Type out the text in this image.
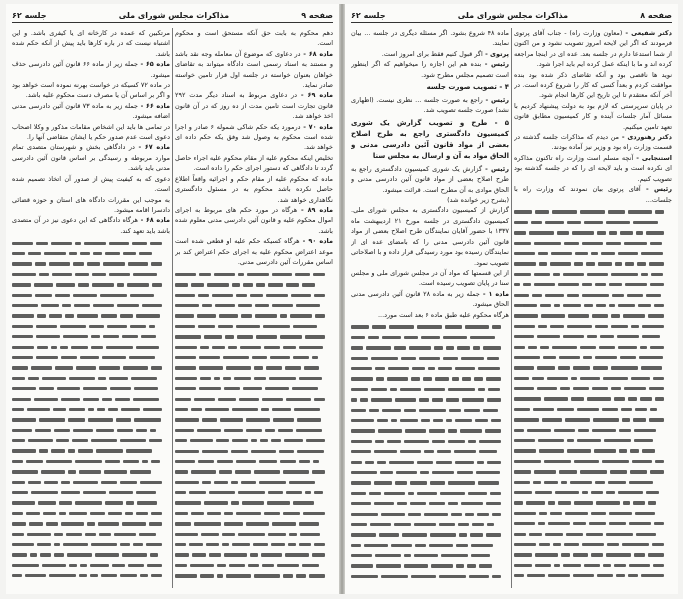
صفحه ۹
مذاکرات مجلس شورای ملی
جلسه ۶۲

دهم محکوم به بابت حق آنکه مستحق است و محکوم است.

ماده ۶۸ - در دعاوی که موضوع آن معامله وجه نقد باشد و مستند به اسناد رسمی است دادگاه میتواند به تقاضای خواهان بعنوان خواسته در جلسه اول قرار تامین خواسته صادر نماید.

ماده ۶۹ - در دعاوی مربوط به اسناد دیگر مدت ۲۹۲ قانون تجارت است تامین مدت از ده روز که در آن قانون اخذ خواهد شد.

ماده ۷۰ - درمورد یکه حکم شاکی شموله ۶ صادر و اجرا شده است محکوم به وصول شد وفق یکه حکم داده ای خواهد شد.

تخلیص اینکه محکوم علیه از مقام محکوم علیه اجراء حاصل گردد تا دادگاهی که دستور اجرای حکم را داده است.

ماده که محکوم علیه از مقام حکم و اجرائیه واقعاً اطلاع حاصل نکرده باشد محکوم به در مسئول دادگستری نگاهداری خواهد شد.

ماده ۸۹ - هرگاه در مورد حکم های مربوط به اجرای اموال محکوم علیه و قانون آئین دادرسی مدنی معلوم شده باشد.

ماده ۹۰ - هرگاه کسیکه حکم علیه او قطعی شده است موعد اعتراض محکوم علیه به اجرای حکم اعتراض کند بر اساس مقررات آئین دادرسی مدنی.

مرتکبین که عمده در کارخانه ای یا کیفری باشد. و این اشتباه نیست که در باره کارها باید پیش از آنکه حکم شده باشد.

ماده ۶۵ - جمله زیر از ماده ۶۶ قانون آئین دادرسی حذف میشود.

در ماده ۷۲ کسیکه در خواست بهرنه نموده است خواهد بود و اگر بر اساس آن یا مصرف دست محکوم علیه باشد.

ماده ۶۶ - جمله زیر به ماده ۷۳ قانون آئین دادرسی مدنی اضافه میشود.

در تمامی ها باید این اشخاص مقامات مذکور و وکلا اصحاب دعوی است عدم صدور حکم یا ایشان متقاضی آنها را.

ماده ۶۷ - در دادگاهی بخش و شهرستان متصدی تمام موارد مربوطه و رسیدگی بر اساس قانون آئین دادرسی مدنی باید باشد.

دعوی که به کیفیت پیش از صدور آن اتخاذ تصمیم شده است.

به موجب این مقررات دادگاه های استان و حوزه قضائی دادسرا اقامه میشود.

ماده ۶۸ - هرگاه دادگاهی که این دعوی نیز در آن متصدی باشد باید تعهد کند.

صفحه ۸
مذاکرات مجلس شورای ملی
جلسه ۶۲

دکتر شفیعی - (معاون وزارت راه) - جناب آقای پرتوی فرمودند که اگر این لایحه امروز تصویب نشود و من اکنون از شما استدعا دارم در جلسه بعد. عده ای در اینجا مراجعه کرده اند و ما با اینکه عمل کرده ایم باید اجرا شود.

نوید ها ناقصی بود و آنکه تقاضای ذکر شده بود بنده موافقت کردم و بعداً کسی که کار را شروع کرده است. در آخر آنکه معتقدم تا این تاریخ این کارها انجام شود.

در پایان سرپرستی که لازم بود به دولت پیشنهاد کردیم با مسائل آمار جلسات آینده و کار کمیسیون مطابق قانون تعهد تامین میکنیم.

دکتر رهنوردی - من دیدم که مذاکرات جلسه گذشته در قسمت وزارت راه بود و وزیر نیز آماده بودند.

استنجابی - آنچه مسلم است وزارت راه تاکنون مذاکره ای نکرده است و باید لایحه ای را که در جلسه گذشته بود تصویب کنیم.

رئیس - آقای پرتوی بیان نمودند که وزارت راه با جلسات...

ماده ۴۸ شروع بشود. اگر مسئله دیگری در جلسه ... بیان نمایند.

پرتوی - اگر قبول کنیم فقط برای امروز است.

رئیس - بنده هم این اجازه را میخواهیم که اگر اینطور است تصمیم مجلس مطرح شود.

۴ - تصویب صورت جلسه

رئیس - راجع به صورت جلسه ... نظری نیست. (اظهاری نشد) صورت جلسه تصویب شد.

۵ - طرح و تصویب گزارش یک شوری کمیسیون دادگستری راجع به طرح اصلاح بعضی از مواد قانون آئین دادرسی مدنی و الحاق مواد به آن و ارسال به مجلس سنا

رئیس - گزارش یک شوری کمیسیون دادگستری راجع به طرح اصلاح بعضی از مواد قانون آئین دادرسی مدنی و الحاق موادی به آن مطرح است. قرائت میشود.

(بشرح زیر خوانده شد)

گزارش از کمیسیون دادگستری به مجلس شورای ملی. کمیسیون دادگستری در جلسه مورخ ۲۱ اردیبهشت ماه ۱۳۳۷ با حضور آقایان نمایندگان طرح اصلاح بعضی از مواد قانون آئین دادرسی مدنی را که بامضای عده ای از نمایندگان رسیده بود مورد رسیدگی قرار داده و با اصلاحاتی تصویب نمود.

از این قسمتها که مواد آن در مجلس شورای ملی و مجلس سنا در پایان تصویب رسیده است.

ماده ۱ - جمله زیر به ماده ۲۸ قانون آئین دادرسی مدنی الحاق میشود.

هرگاه محکوم علیه طبق ماده ۶ بعد است مورد...
